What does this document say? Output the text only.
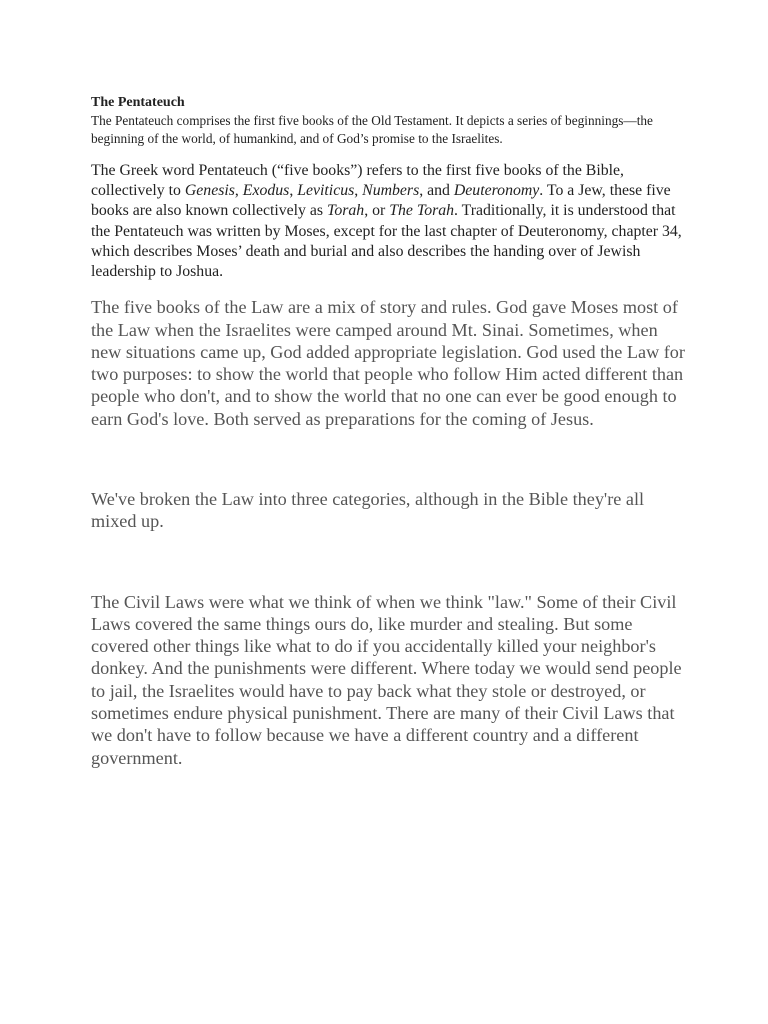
The Pentateuch
The Pentateuch comprises the first five books of the Old Testament. It depicts a series of beginnings—the beginning of the world, of humankind, and of God’s promise to the Israelites.
The Greek word Pentateuch (“five books”) refers to the first five books of the Bible, collectively to Genesis, Exodus, Leviticus, Numbers, and Deuteronomy. To a Jew, these five books are also known collectively as Torah, or The Torah. Traditionally, it is understood that the Pentateuch was written by Moses, except for the last chapter of Deuteronomy, chapter 34, which describes Moses’ death and burial and also describes the handing over of Jewish leadership to Joshua.
The five books of the Law are a mix of story and rules. God gave Moses most of the Law when the Israelites were camped around Mt. Sinai. Sometimes, when new situations came up, God added appropriate legislation. God used the Law for two purposes: to show the world that people who follow Him acted different than people who don't, and to show the world that no one can ever be good enough to earn God's love. Both served as preparations for the coming of Jesus.
We've broken the Law into three categories, although in the Bible they're all mixed up.
The Civil Laws were what we think of when we think "law." Some of their Civil Laws covered the same things ours do, like murder and stealing. But some covered other things like what to do if you accidentally killed your neighbor's donkey. And the punishments were different. Where today we would send people to jail, the Israelites would have to pay back what they stole or destroyed, or sometimes endure physical punishment. There are many of their Civil Laws that we don't have to follow because we have a different country and a different government.
